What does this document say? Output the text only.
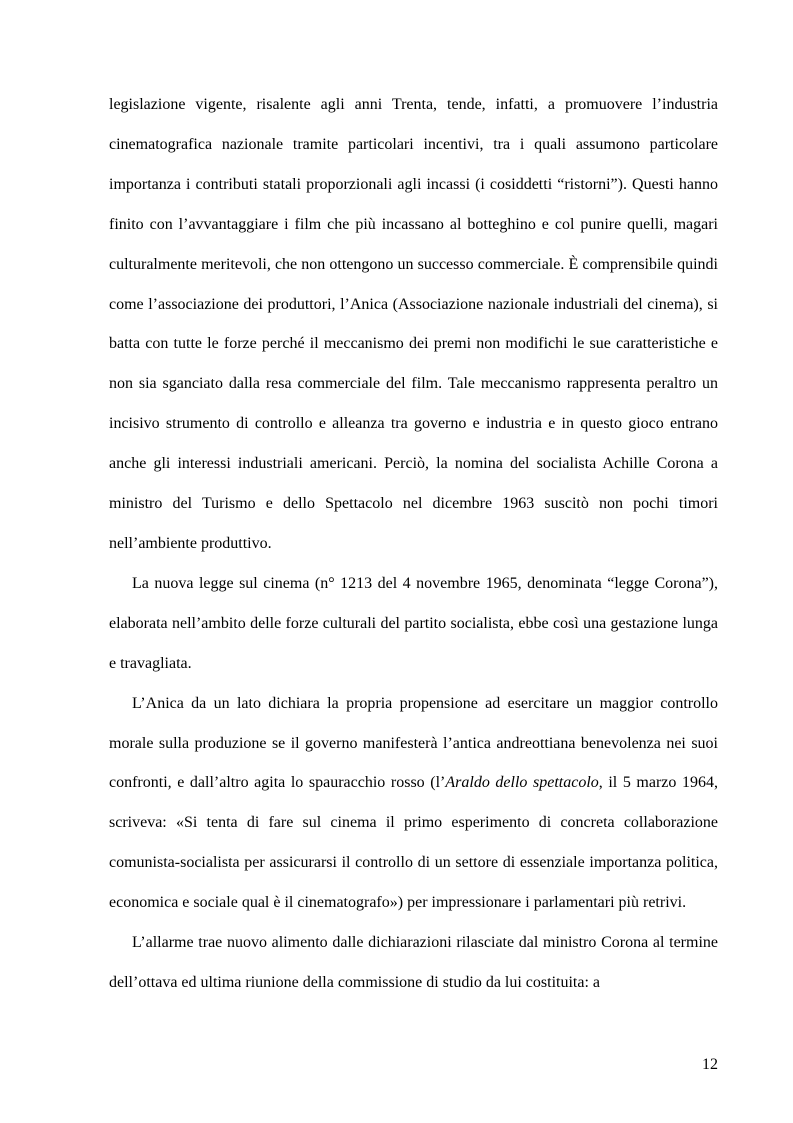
legislazione vigente, risalente agli anni Trenta, tende, infatti, a promuovere l’industria cinematografica nazionale tramite particolari incentivi, tra i quali assumono particolare importanza i contributi statali proporzionali agli incassi (i cosiddetti “ristorni”). Questi hanno finito con l’avvantaggiare i film che più incassano al botteghino e col punire quelli, magari culturalmente meritevoli, che non ottengono un successo commerciale. È comprensibile quindi come l’associazione dei produttori, l’Anica (Associazione nazionale industriali del cinema), si batta con tutte le forze perché il meccanismo dei premi non modifichi le sue caratteristiche e non sia sganciato dalla resa commerciale del film. Tale meccanismo rappresenta peraltro un incisivo strumento di controllo e alleanza tra governo e industria e in questo gioco entrano anche gli interessi industriali americani. Perciò, la nomina del socialista Achille Corona a ministro del Turismo e dello Spettacolo nel dicembre 1963 suscitò non pochi timori nell’ambiente produttivo.

La nuova legge sul cinema (n° 1213 del 4 novembre 1965, denominata “legge Corona”), elaborata nell’ambito delle forze culturali del partito socialista, ebbe così una gestazione lunga e travagliata.

L’Anica da un lato dichiara la propria propensione ad esercitare un maggior controllo morale sulla produzione se il governo manifesterà l’antica andreottiana benevolenza nei suoi confronti, e dall’altro agita lo spauracchio rosso (l’Araldo dello spettacolo, il 5 marzo 1964, scriveva: «Si tenta di fare sul cinema il primo esperimento di concreta collaborazione comunista-socialista per assicurarsi il controllo di un settore di essenziale importanza politica, economica e sociale qual è il cinematografo») per impressionare i parlamentari più retrivi.

L’allarme trae nuovo alimento dalle dichiarazioni rilasciate dal ministro Corona al termine dell’ottava ed ultima riunione della commissione di studio da lui costituita: a

12
